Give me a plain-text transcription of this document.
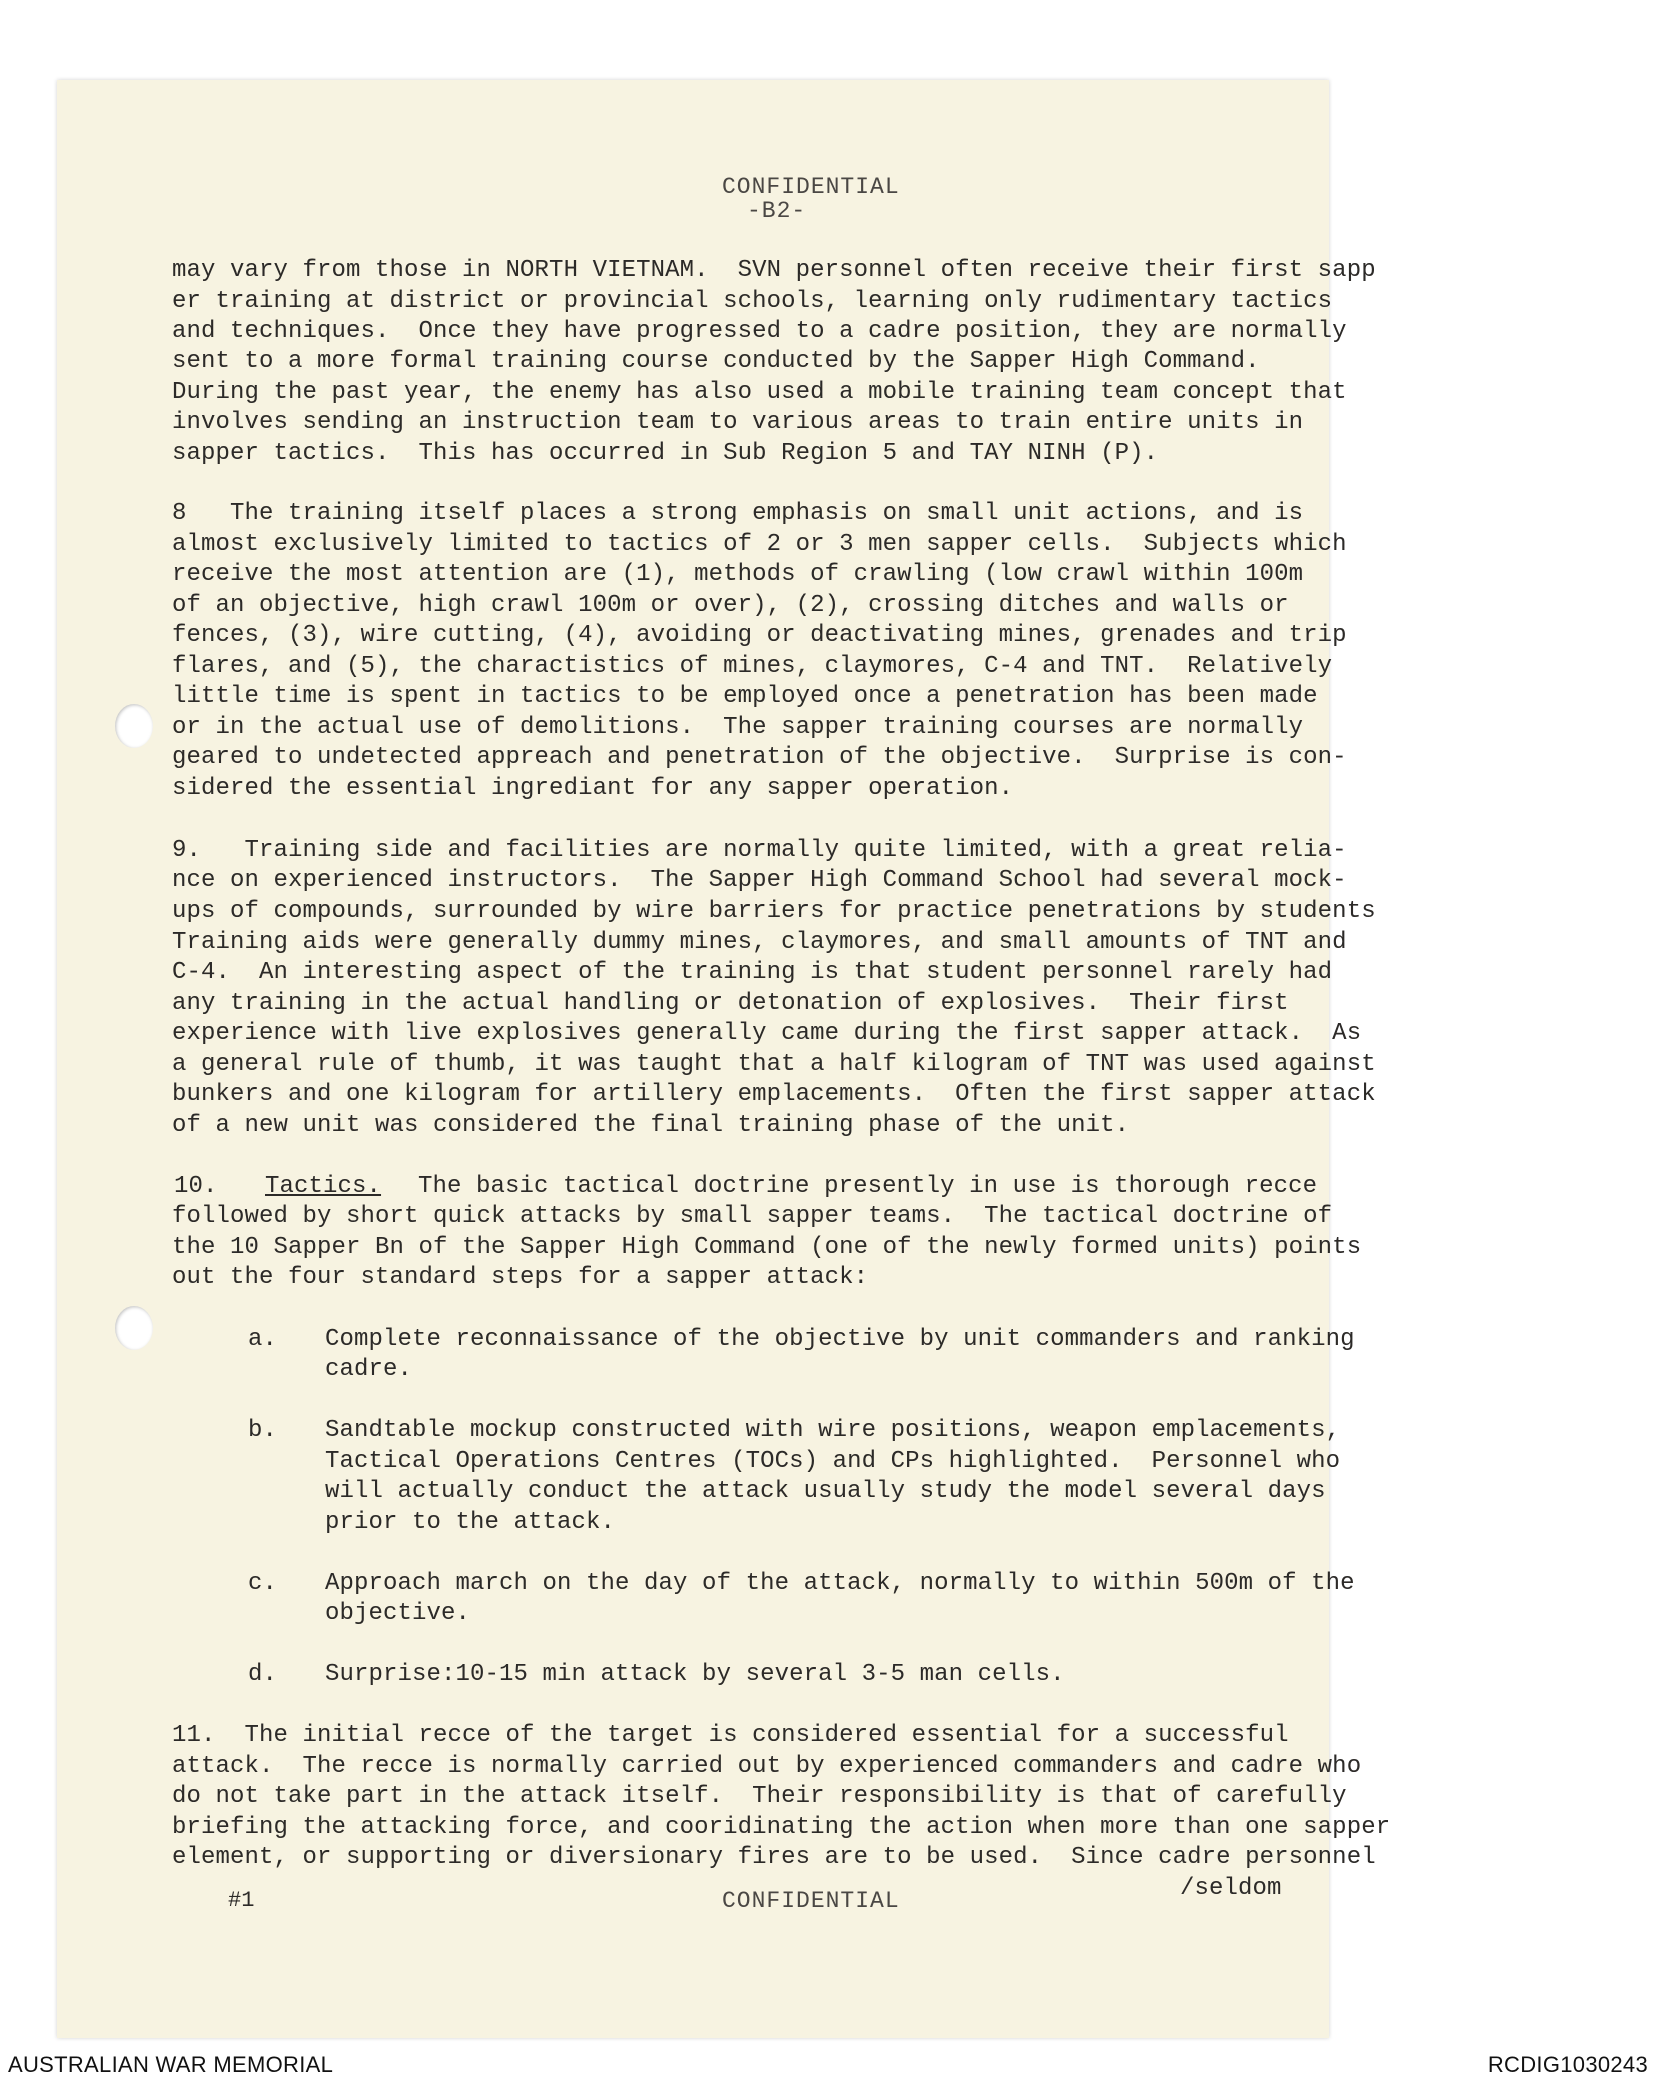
CONFIDENTIAL
-B2-
may vary from those in NORTH VIETNAM.  SVN personnel often receive their first sapp
er training at district or provincial schools, learning only rudimentary tactics
and techniques.  Once they have progressed to a cadre position, they are normally
sent to a more formal training course conducted by the Sapper High Command.
During the past year, the enemy has also used a mobile training team concept that
involves sending an instruction team to various areas to train entire units in
sapper tactics.  This has occurred in Sub Region 5 and TAY NINH (P).
8   The training itself places a strong emphasis on small unit actions, and is
almost exclusively limited to tactics of 2 or 3 men sapper cells.  Subjects which
receive the most attention are (1), methods of crawling (low crawl within 100m
of an objective, high crawl 100m or over), (2), crossing ditches and walls or
fences, (3), wire cutting, (4), avoiding or deactivating mines, grenades and trip
flares, and (5), the charactistics of mines, claymores, C-4 and TNT.  Relatively
little time is spent in tactics to be employed once a penetration has been made
or in the actual use of demolitions.  The sapper training courses are normally
geared to undetected appreach and penetration of the objective.  Surprise is con-
sidered the essential ingrediant for any sapper operation.
9.   Training side and facilities are normally quite limited, with a great relia-
nce on experienced instructors.  The Sapper High Command School had several mock-
ups of compounds, surrounded by wire barriers for practice penetrations by students
Training aids were generally dummy mines, claymores, and small amounts of TNT and
C-4.  An interesting aspect of the training is that student personnel rarely had
any training in the actual handling or detonation of explosives.  Their first
experience with live explosives generally came during the first sapper attack.  As
a general rule of thumb, it was taught that a half kilogram of TNT was used against
bunkers and one kilogram for artillery emplacements.  Often the first sapper attack
of a new unit was considered the final training phase of the unit.
10. Tactics. The basic tactical doctrine presently in use is thorough recce
followed by short quick attacks by small sapper teams.  The tactical doctrine of
the 10 Sapper Bn of the Sapper High Command (one of the newly formed units) points
out the four standard steps for a sapper attack:
a. Complete reconnaissance of the objective by unit commanders and ranking
cadre.
b. Sandtable mockup constructed with wire positions, weapon emplacements,
Tactical Operations Centres (TOCs) and CPs highlighted.  Personnel who
will actually conduct the attack usually study the model several days
prior to the attack.
c. Approach march on the day of the attack, normally to within 500m of the
objective.
d. Surprise:10-15 min attack by several 3-5 man cells.
11.  The initial recce of the target is considered essential for a successful
attack.  The recce is normally carried out by experienced commanders and cadre who
do not take part in the attack itself.  Their responsibility is that of carefully
briefing the attacking force, and cooridinating the action when more than one sapper
element, or supporting or diversionary fires are to be used.  Since cadre personnel
/seldom
#1	CONFIDENTIAL
AUSTRALIAN WAR MEMORIAL	RCDIG1030243
